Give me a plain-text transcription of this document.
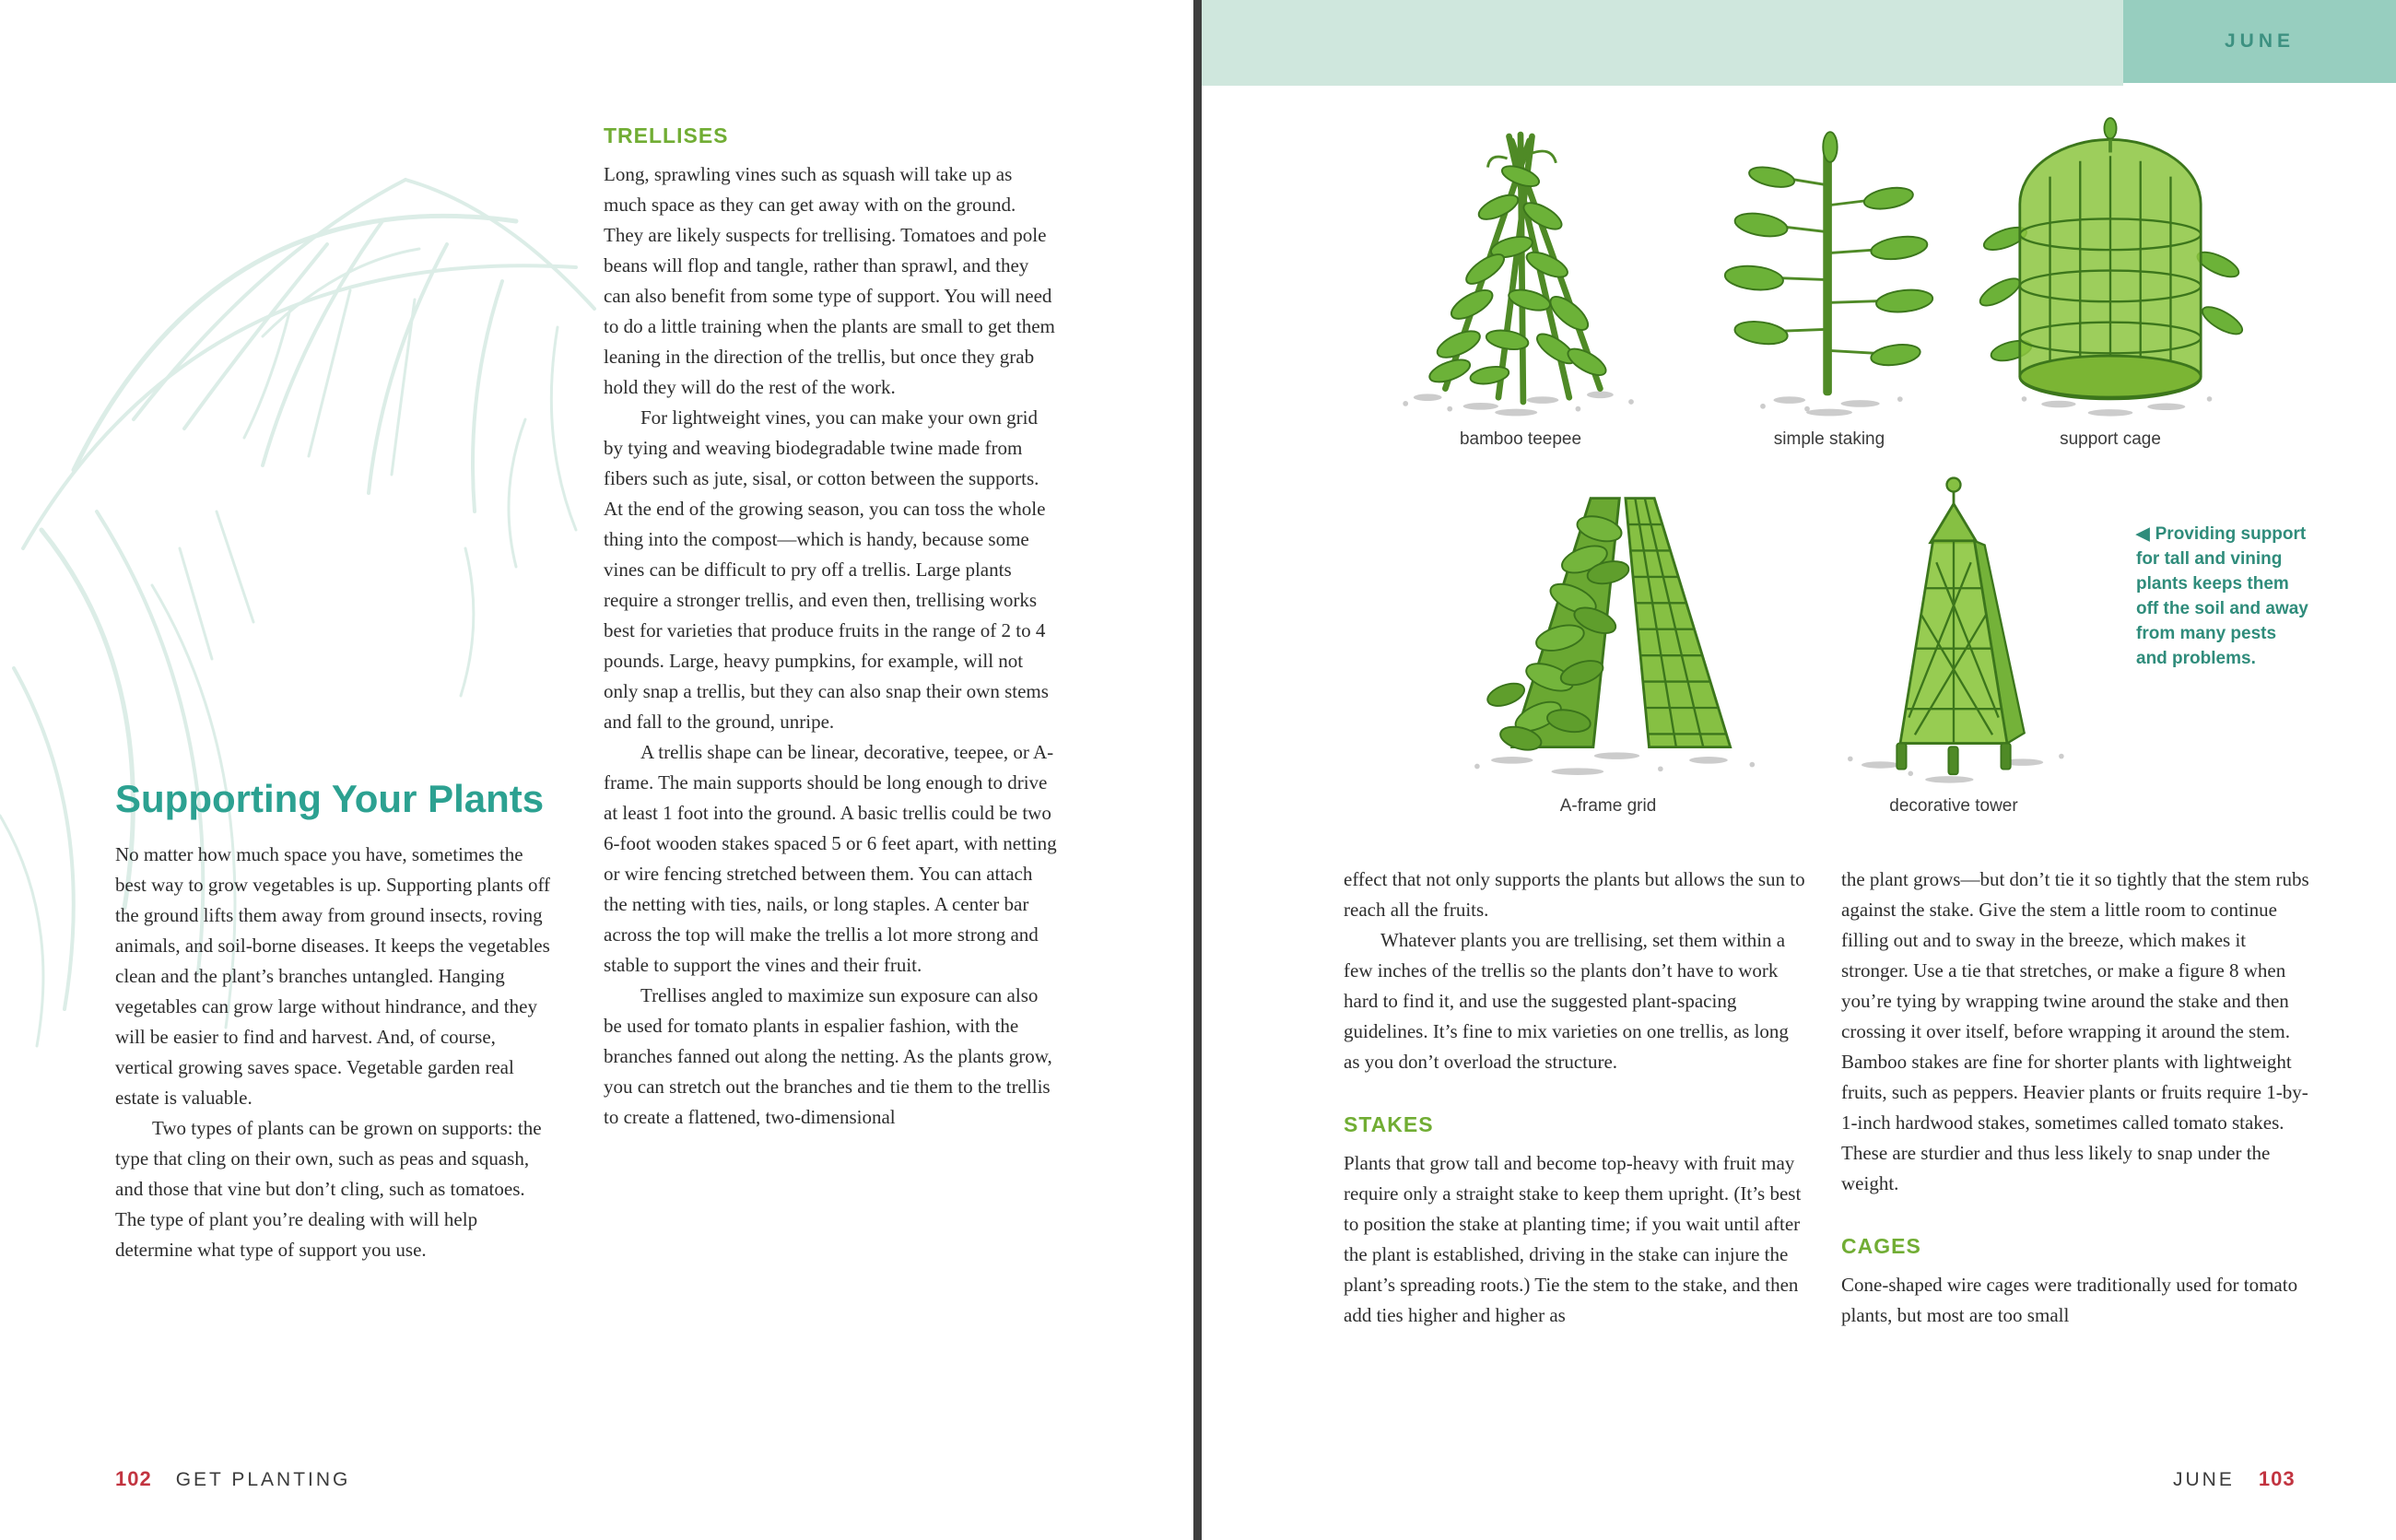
Supporting Your Plants

No matter how much space you have, sometimes the best way to grow vegetables is up. Supporting plants off the ground lifts them away from ground insects, roving animals, and soil-borne diseases. It keeps the vegetables clean and the plant’s branches untangled. Hanging vegetables can grow large without hindrance, and they will be easier to find and harvest. And, of course, vertical growing saves space. Vegetable garden real estate is valuable.

Two types of plants can be grown on supports: the type that cling on their own, such as peas and squash, and those that vine but don’t cling, such as tomatoes. The type of plant you’re dealing with will help determine what type of support you use.

TRELLISES

Long, sprawling vines such as squash will take up as much space as they can get away with on the ground. They are likely suspects for trellising. Tomatoes and pole beans will flop and tangle, rather than sprawl, and they can also benefit from some type of support. You will need to do a little training when the plants are small to get them leaning in the direction of the trellis, but once they grab hold they will do the rest of the work.

For lightweight vines, you can make your own grid by tying and weaving biodegradable twine made from fibers such as jute, sisal, or cotton between the supports. At the end of the growing season, you can toss the whole thing into the compost—which is handy, because some vines can be difficult to pry off a trellis. Large plants require a stronger trellis, and even then, trellising works best for varieties that produce fruits in the range of 2 to 4 pounds. Large, heavy pumpkins, for example, will not only snap a trellis, but they can also snap their own stems and fall to the ground, unripe.

A trellis shape can be linear, decorative, teepee, or A-frame. The main supports should be long enough to drive at least 1 foot into the ground. A basic trellis could be two 6-foot wooden stakes spaced 5 or 6 feet apart, with netting or wire fencing stretched between them. You can attach the netting with ties, nails, or long staples. A center bar across the top will make the trellis a lot more strong and stable to support the vines and their fruit.

Trellises angled to maximize sun exposure can also be used for tomato plants in espalier fashion, with the branches fanned out along the netting. As the plants grow, you can stretch out the branches and tie them to the trellis to create a flattened, two-dimensional

102 GET PLANTING
JUNE
bamboo teepee	simple staking	support cage
A-frame grid	decorative tower
◀ Providing support for tall and vining plants keeps them off the soil and away from many pests and problems.

effect that not only supports the plants but allows the sun to reach all the fruits.

Whatever plants you are trellising, set them within a few inches of the trellis so the plants don’t have to work hard to find it, and use the suggested plant-spacing guidelines. It’s fine to mix varieties on one trellis, as long as you don’t overload the structure.

STAKES

Plants that grow tall and become top-heavy with fruit may require only a straight stake to keep them upright. (It’s best to position the stake at planting time; if you wait until after the plant is established, driving in the stake can injure the plant’s spreading roots.) Tie the stem to the stake, and then add ties higher and higher as

the plant grows—but don’t tie it so tightly that the stem rubs against the stake. Give the stem a little room to continue filling out and to sway in the breeze, which makes it stronger. Use a tie that stretches, or make a figure 8 when you’re tying by wrapping twine around the stake and then crossing it over itself, before wrapping it around the stem. Bamboo stakes are fine for shorter plants with lightweight fruits, such as peppers. Heavier plants or fruits require 1-by-1-inch hardwood stakes, sometimes called tomato stakes. These are sturdier and thus less likely to snap under the weight.

CAGES

Cone-shaped wire cages were traditionally used for tomato plants, but most are too small

JUNE 103
